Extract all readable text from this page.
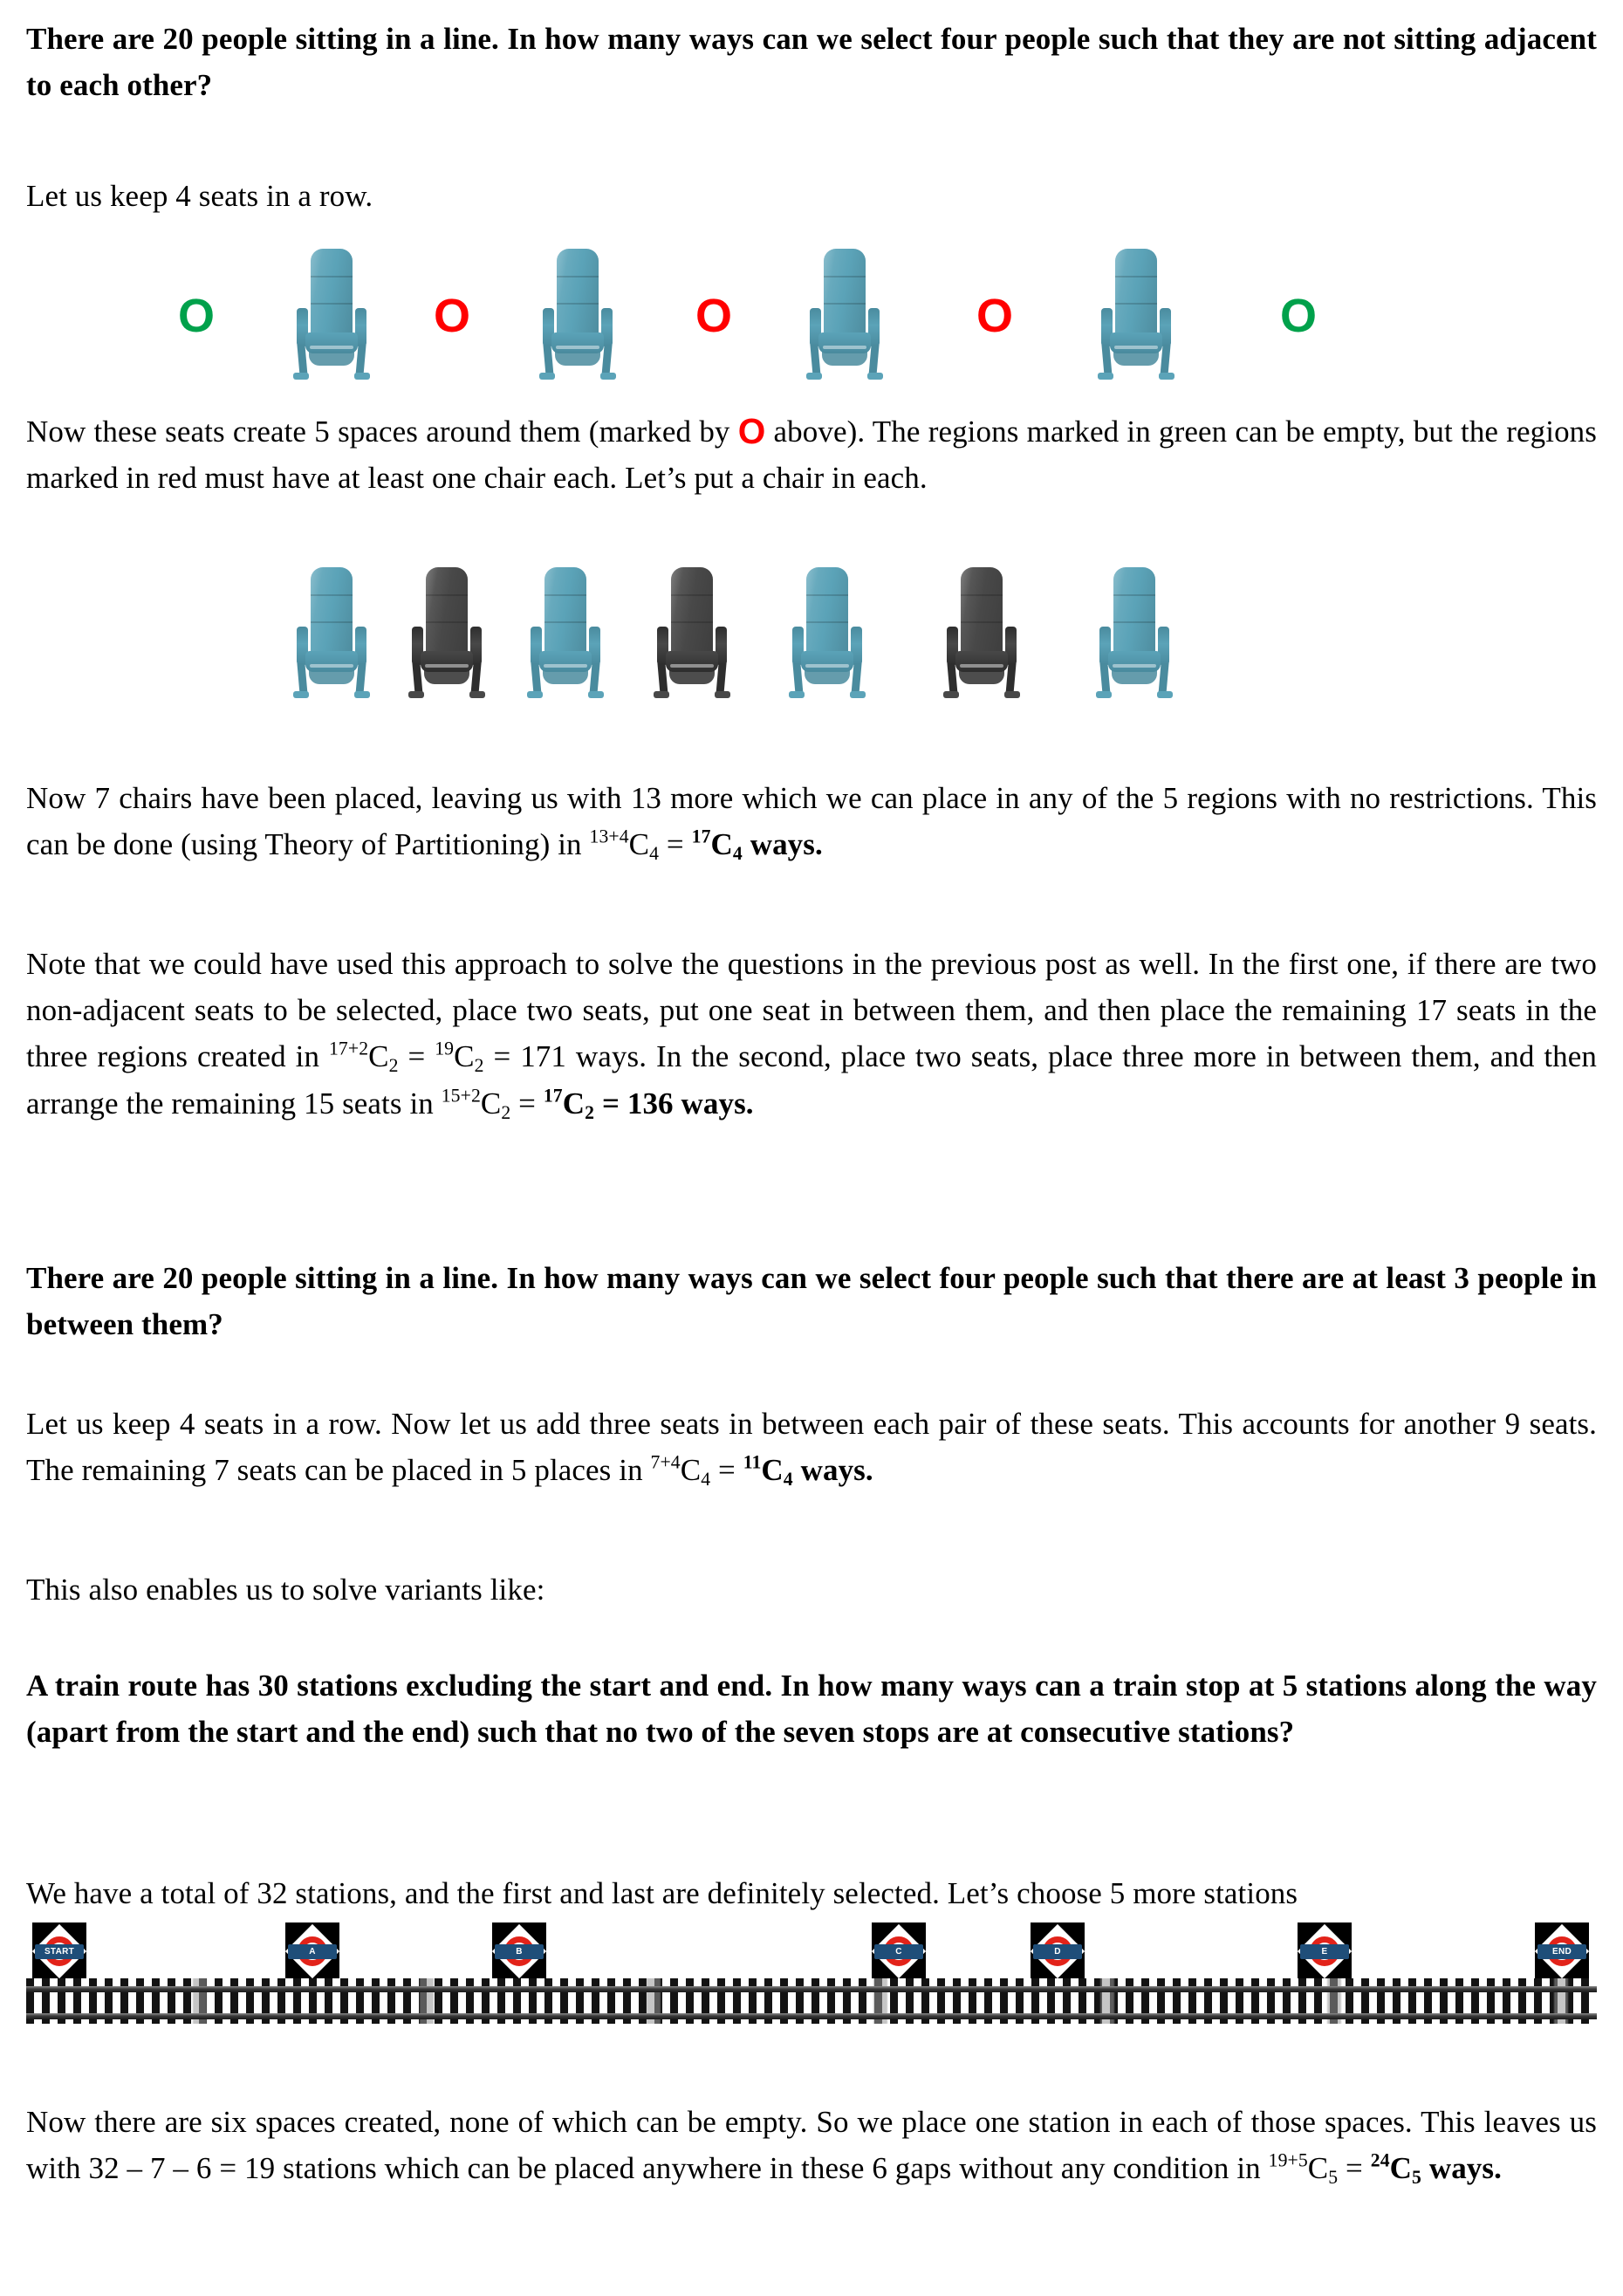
There are 20 people sitting in a line. In how many ways can we select four people such that they are not sitting adjacent to each other?

Let us keep 4 seats in a row.

O	O	O	O	O

Now these seats create 5 spaces around them (marked by O above). The regions marked in green can be empty, but the regions marked in red must have at least one chair each. Let’s put a chair in each.

Now 7 chairs have been placed, leaving us with 13 more which we can place in any of the 5 regions with no restrictions. This can be done (using Theory of Partitioning) in $^{13+4}C_4 = ^{17}C_4$ ways.

Note that we could have used this approach to solve the questions in the previous post as well. In the first one, if there are two non-adjacent seats to be selected, place two seats, put one seat in between them, and then place the remaining 17 seats in the three regions created in $^{17+2}C_2 = ^{19}C_2 = 171$ ways. In the second, place two seats, place three more in between them, and then arrange the remaining 15 seats in $^{15+2}C_2 = ^{17}C_2 = 136$ ways.

There are 20 people sitting in a line. In how many ways can we select four people such that there are at least 3 people in between them?

Let us keep 4 seats in a row. Now let us add three seats in between each pair of these seats. This accounts for another 9 seats. The remaining 7 seats can be placed in 5 places in $^{7+4}C_4 = ^{11}C_4$ ways.

This also enables us to solve variants like:

A train route has 30 stations excluding the start and end. In how many ways can a train stop at 5 stations along the way (apart from the start and the end) such that no two of the seven stops are at consecutive stations?

We have a total of 32 stations, and the first and last are definitely selected. Let’s choose 5 more stations

START	A	B	C	D	E	END

Now there are six spaces created, none of which can be empty. So we place one station in each of those spaces. This leaves us with 32 – 7 – 6 = 19 stations which can be placed anywhere in these 6 gaps without any condition in $^{19+5}C_5 = ^{24}C_5$ ways.
